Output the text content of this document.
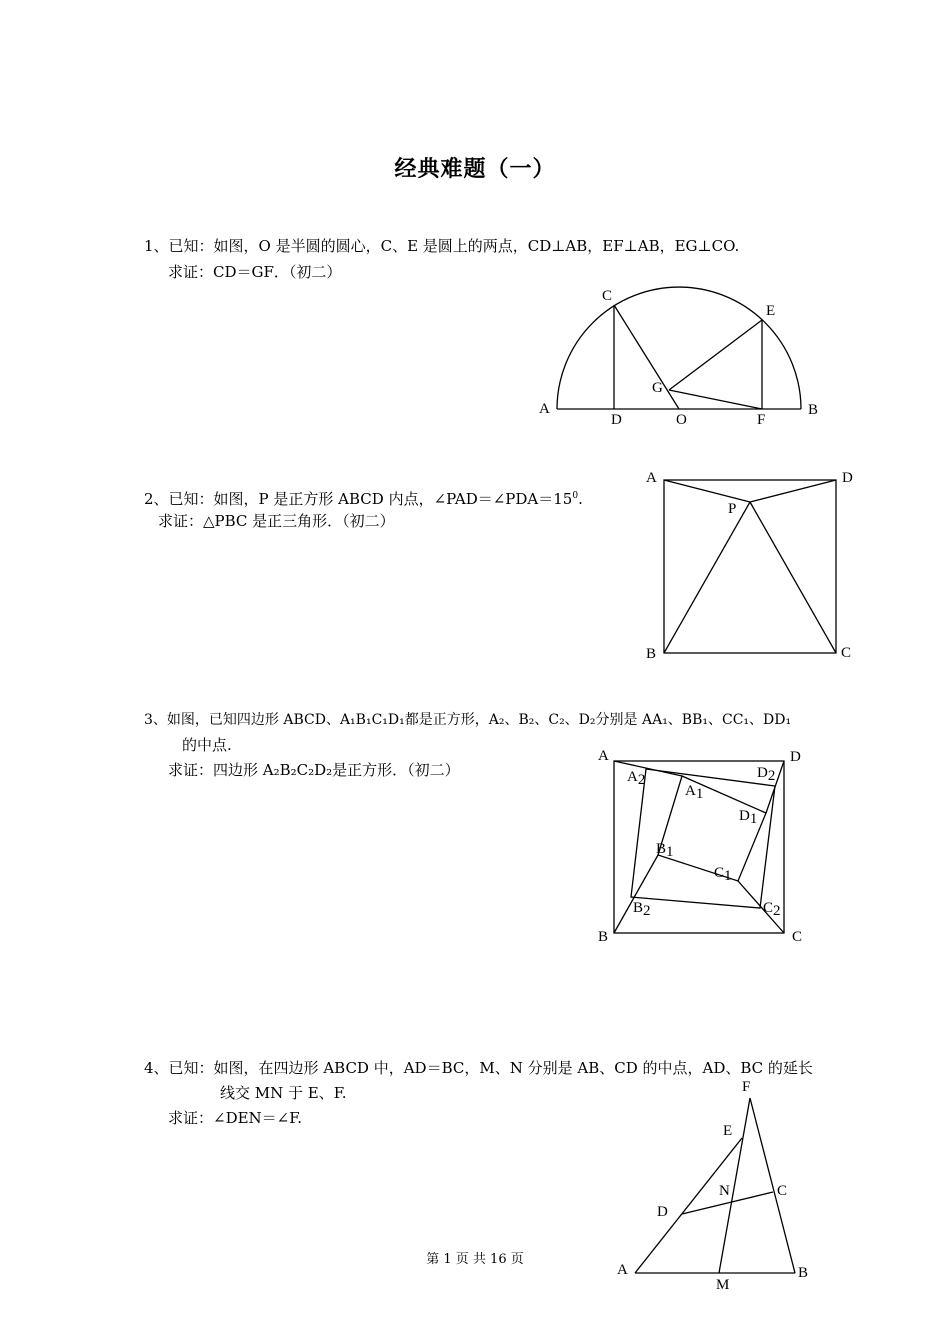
经典难题（一）
1、已知：如图，O 是半圆的圆心，C、E 是圆上的两点，CD⊥AB，EF⊥AB，EG⊥CO.
求证：CD＝GF．（初二）
2、已知：如图，P 是正方形 ABCD 内点，$\angle PAD=\angle PDA=15^0$.
求证：△PBC 是正三角形．（初二）
3、如图，已知四边形 ABCD、A₁B₁C₁D₁都是正方形，A₂、B₂、C₂、D₂分别是 AA₁、BB₁、CC₁、DD₁
的中点.
求证：四边形 A₂B₂C₂D₂是正方形．（初二）
4、已知：如图，在四边形 ABCD 中，AD＝BC，M、N 分别是 AB、CD 的中点，AD、BC 的延长
线交 MN 于 E、F.
求证：∠DEN＝∠F.
A	B
C
D
E
F
G
O
A	D
B	C
P
A	D
B	C
A2	D2
A1
D1
B1
C1
B2	C2
A	B
C
D
E
F
M
N
第 1 页 共 16 页
